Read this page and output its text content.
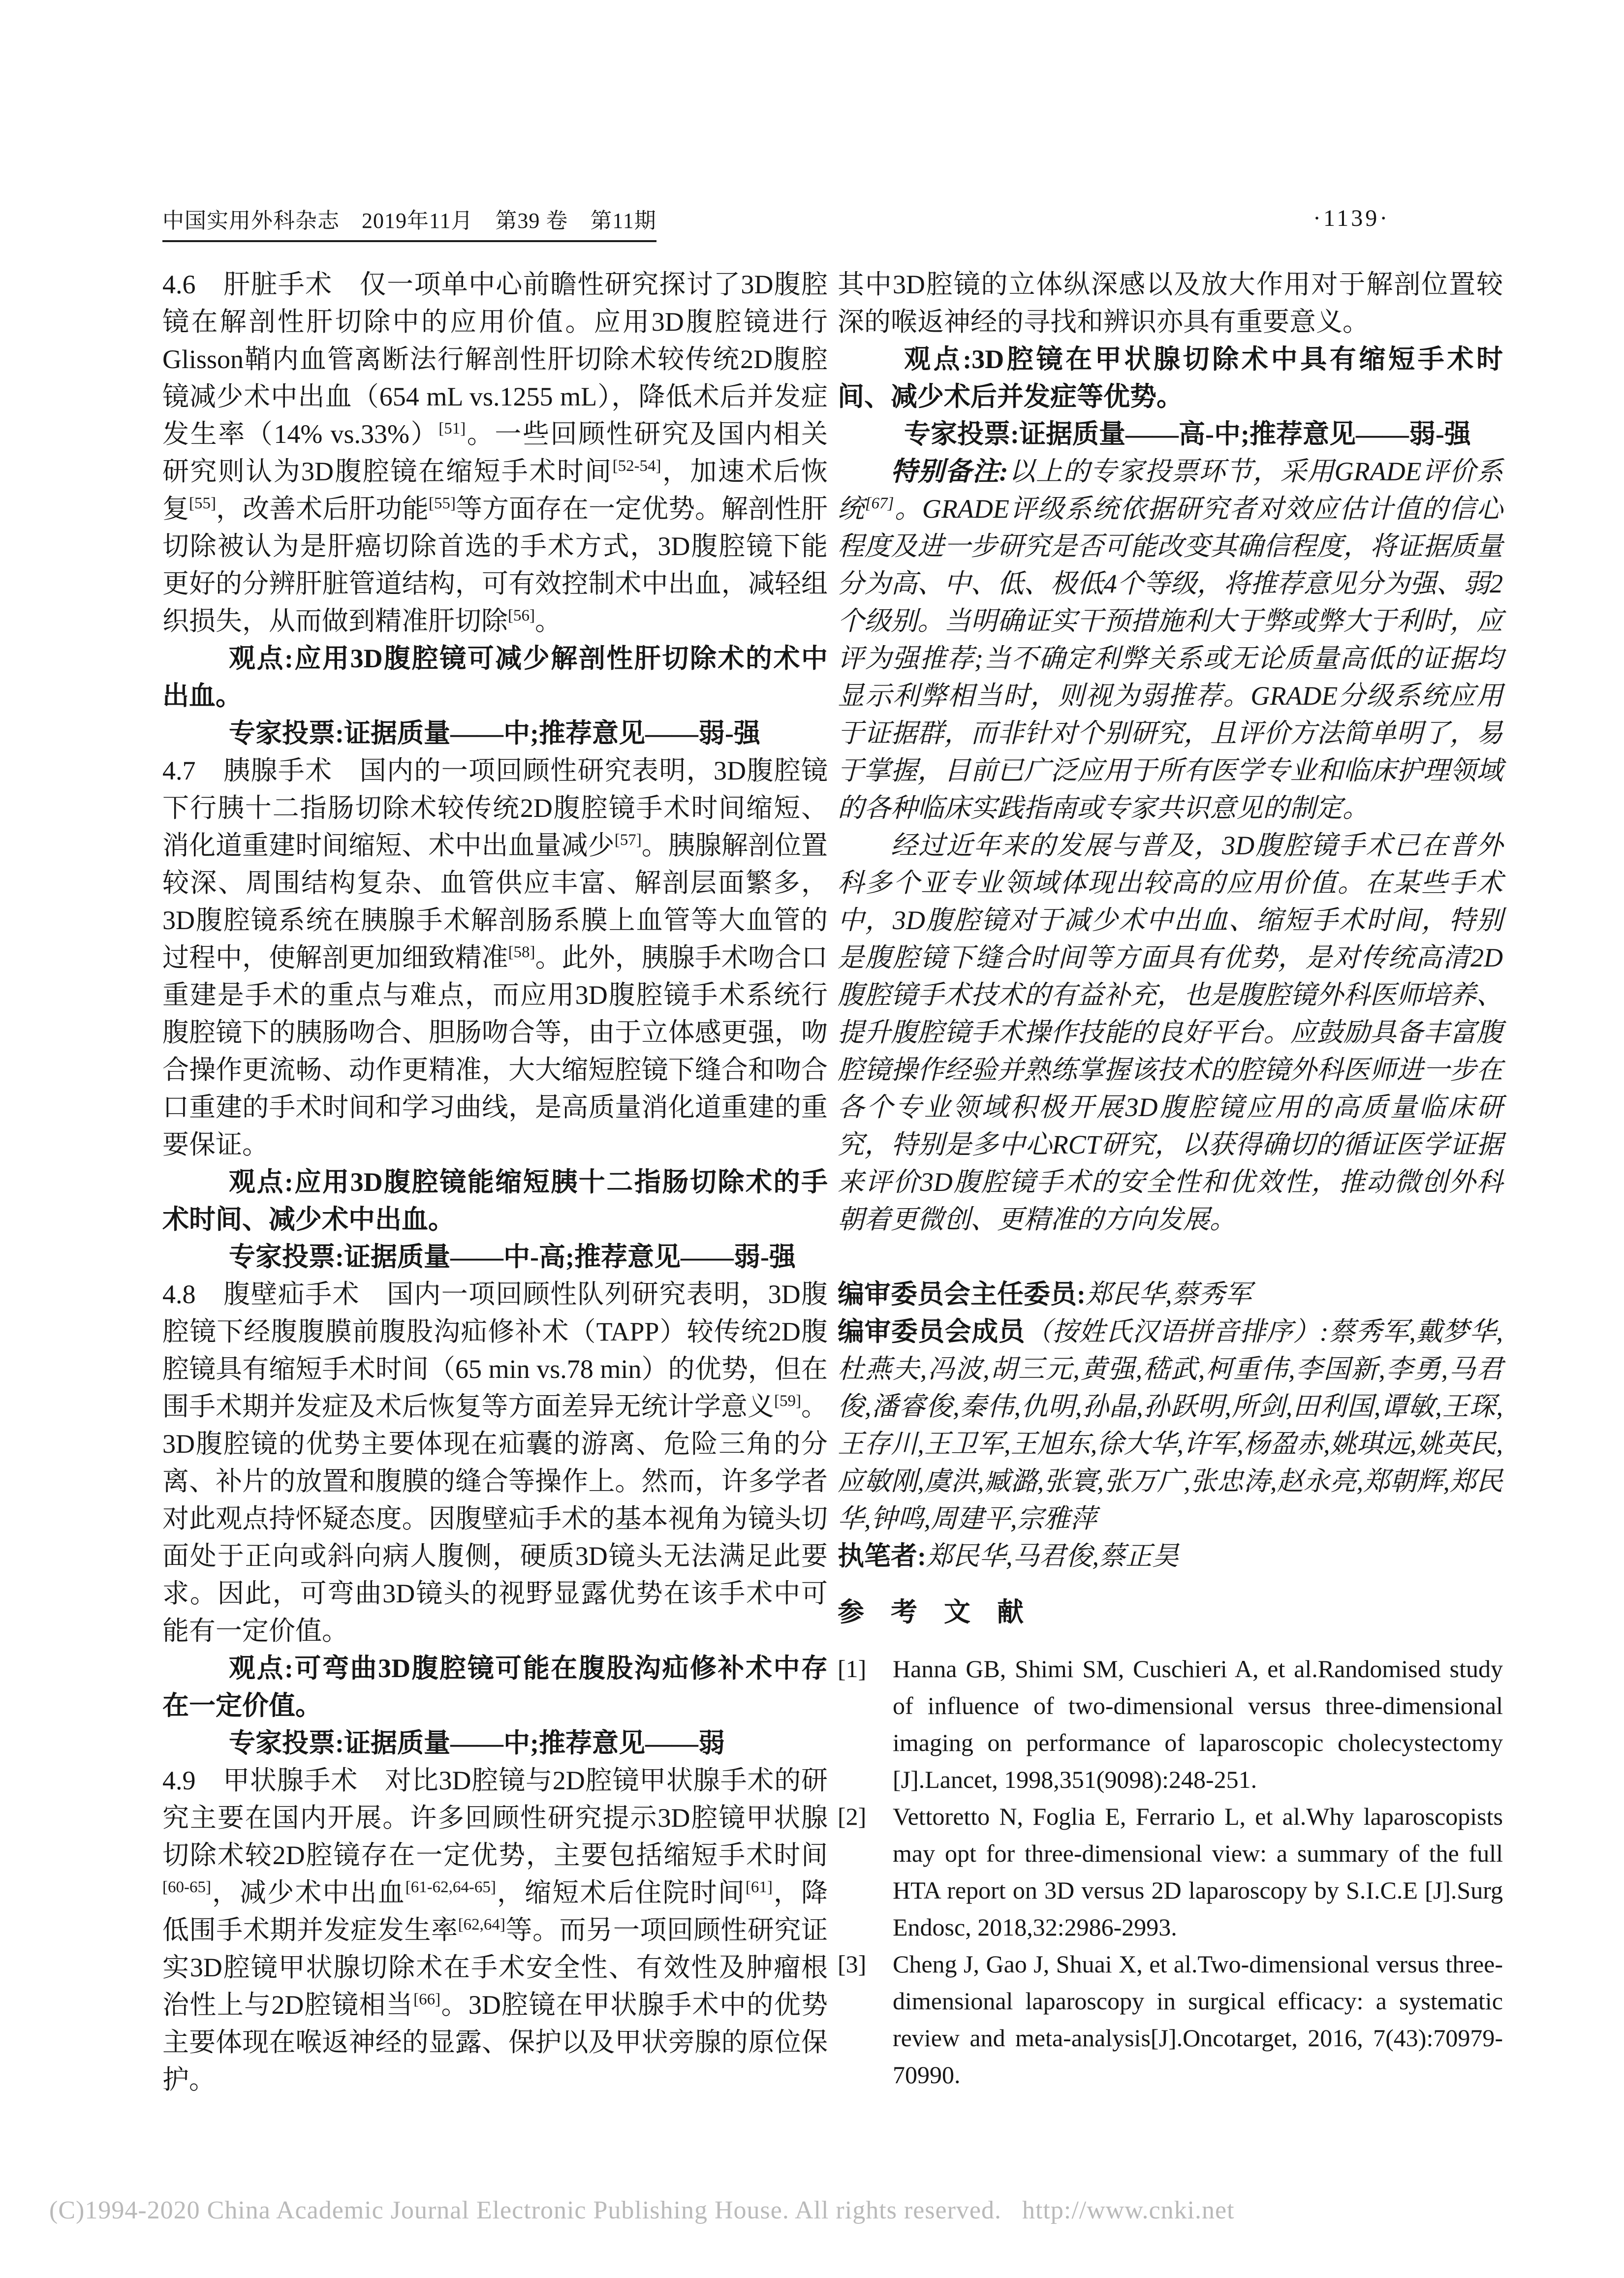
中国实用外科杂志　2019年11月　第39 卷　第11期	·1139·
4.6　肝脏手术　仅一项单中心前瞻性研究探讨了3D腹腔镜在解剖性肝切除中的应用价值。应用3D腹腔镜进行Glisson鞘内血管离断法行解剖性肝切除术较传统2D腹腔镜减少术中出血（654 mL vs.1255 mL），降低术后并发症发生率（14% vs.33%）[51]。一些回顾性研究及国内相关研究则认为3D腹腔镜在缩短手术时间[52-54]，加速术后恢复[55]，改善术后肝功能[55]等方面存在一定优势。解剖性肝切除被认为是肝癌切除首选的手术方式，3D腹腔镜下能更好的分辨肝脏管道结构，可有效控制术中出血，减轻组织损失，从而做到精准肝切除[56]。
观点:应用3D腹腔镜可减少解剖性肝切除术的术中出血。
专家投票:证据质量——中;推荐意见——弱-强
4.7　胰腺手术　国内的一项回顾性研究表明，3D腹腔镜下行胰十二指肠切除术较传统2D腹腔镜手术时间缩短、消化道重建时间缩短、术中出血量减少[57]。胰腺解剖位置较深、周围结构复杂、血管供应丰富、解剖层面繁多，3D腹腔镜系统在胰腺手术解剖肠系膜上血管等大血管的过程中，使解剖更加细致精准[58]。此外，胰腺手术吻合口重建是手术的重点与难点，而应用3D腹腔镜手术系统行腹腔镜下的胰肠吻合、胆肠吻合等，由于立体感更强，吻合操作更流畅、动作更精准，大大缩短腔镜下缝合和吻合口重建的手术时间和学习曲线，是高质量消化道重建的重要保证。
观点:应用3D腹腔镜能缩短胰十二指肠切除术的手术时间、减少术中出血。
专家投票:证据质量——中-高;推荐意见——弱-强
4.8　腹壁疝手术　国内一项回顾性队列研究表明，3D腹腔镜下经腹腹膜前腹股沟疝修补术（TAPP）较传统2D腹腔镜具有缩短手术时间（65 min vs.78 min）的优势，但在围手术期并发症及术后恢复等方面差异无统计学意义[59]。3D腹腔镜的优势主要体现在疝囊的游离、危险三角的分离、补片的放置和腹膜的缝合等操作上。然而，许多学者对此观点持怀疑态度。因腹壁疝手术的基本视角为镜头切面处于正向或斜向病人腹侧，硬质3D镜头无法满足此要求。因此，可弯曲3D镜头的视野显露优势在该手术中可能有一定价值。
观点:可弯曲3D腹腔镜可能在腹股沟疝修补术中存在一定价值。
专家投票:证据质量——中;推荐意见——弱
4.9　甲状腺手术　对比3D腔镜与2D腔镜甲状腺手术的研究主要在国内开展。许多回顾性研究提示3D腔镜甲状腺切除术较2D腔镜存在一定优势，主要包括缩短手术时间[60-65]，减少术中出血[61-62,64-65]，缩短术后住院时间[61]，降低围手术期并发症发生率[62,64]等。而另一项回顾性研究证实3D腔镜甲状腺切除术在手术安全性、有效性及肿瘤根治性上与2D腔镜相当[66]。3D腔镜在甲状腺手术中的优势主要体现在喉返神经的显露、保护以及甲状旁腺的原位保护。
其中3D腔镜的立体纵深感以及放大作用对于解剖位置较深的喉返神经的寻找和辨识亦具有重要意义。
观点:3D腔镜在甲状腺切除术中具有缩短手术时间、减少术后并发症等优势。
专家投票:证据质量——高-中;推荐意见——弱-强
特别备注:以上的专家投票环节，采用GRADE评价系统[67]。GRADE评级系统依据研究者对效应估计值的信心程度及进一步研究是否可能改变其确信程度，将证据质量分为高、中、低、极低4个等级，将推荐意见分为强、弱2个级别。当明确证实干预措施利大于弊或弊大于利时，应评为强推荐;当不确定利弊关系或无论质量高低的证据均显示利弊相当时，则视为弱推荐。GRADE分级系统应用于证据群，而非针对个别研究，且评价方法简单明了，易于掌握，目前已广泛应用于所有医学专业和临床护理领域的各种临床实践指南或专家共识意见的制定。
经过近年来的发展与普及，3D腹腔镜手术已在普外科多个亚专业领域体现出较高的应用价值。在某些手术中，3D腹腔镜对于减少术中出血、缩短手术时间，特别是腹腔镜下缝合时间等方面具有优势，是对传统高清2D腹腔镜手术技术的有益补充，也是腹腔镜外科医师培养、提升腹腔镜手术操作技能的良好平台。应鼓励具备丰富腹腔镜操作经验并熟练掌握该技术的腔镜外科医师进一步在各个专业领域积极开展3D腹腔镜应用的高质量临床研究，特别是多中心RCT研究，以获得确切的循证医学证据来评价3D腹腔镜手术的安全性和优效性，推动微创外科朝着更微创、更精准的方向发展。
编审委员会主任委员:郑民华,蔡秀军
编审委员会成员（按姓氏汉语拼音排序）:蔡秀军,戴梦华,杜燕夫,冯波,胡三元,黄强,嵇武,柯重伟,李国新,李勇,马君俊,潘睿俊,秦伟,仇明,孙晶,孙跃明,所剑,田利国,谭敏,王琛,王存川,王卫军,王旭东,徐大华,许军,杨盈赤,姚琪远,姚英民,应敏刚,虞洪,臧潞,张寰,张万广,张忠涛,赵永亮,郑朝辉,郑民华,钟鸣,周建平,宗雅萍
执笔者:郑民华,马君俊,蔡正昊
参　考　文　献
[1] Hanna GB, Shimi SM, Cuschieri A, et al.Randomised study of influence of two-dimensional versus three-dimensional imaging on performance of laparoscopic cholecystectomy [J].Lancet, 1998,351(9098):248-251.
[2] Vettoretto N, Foglia E, Ferrario L, et al.Why laparoscopists may opt for three-dimensional view: a summary of the full HTA report on 3D versus 2D laparoscopy by S.I.C.E [J].Surg Endosc, 2018,32:2986-2993.
[3] Cheng J, Gao J, Shuai X, et al.Two-dimensional versus three-dimensional laparoscopy in surgical efficacy: a systematic review and meta-analysis[J].Oncotarget, 2016, 7(43):70979-70990.
(C)1994-2020 China Academic Journal Electronic Publishing House. All rights reserved.   http://www.cnki.net
